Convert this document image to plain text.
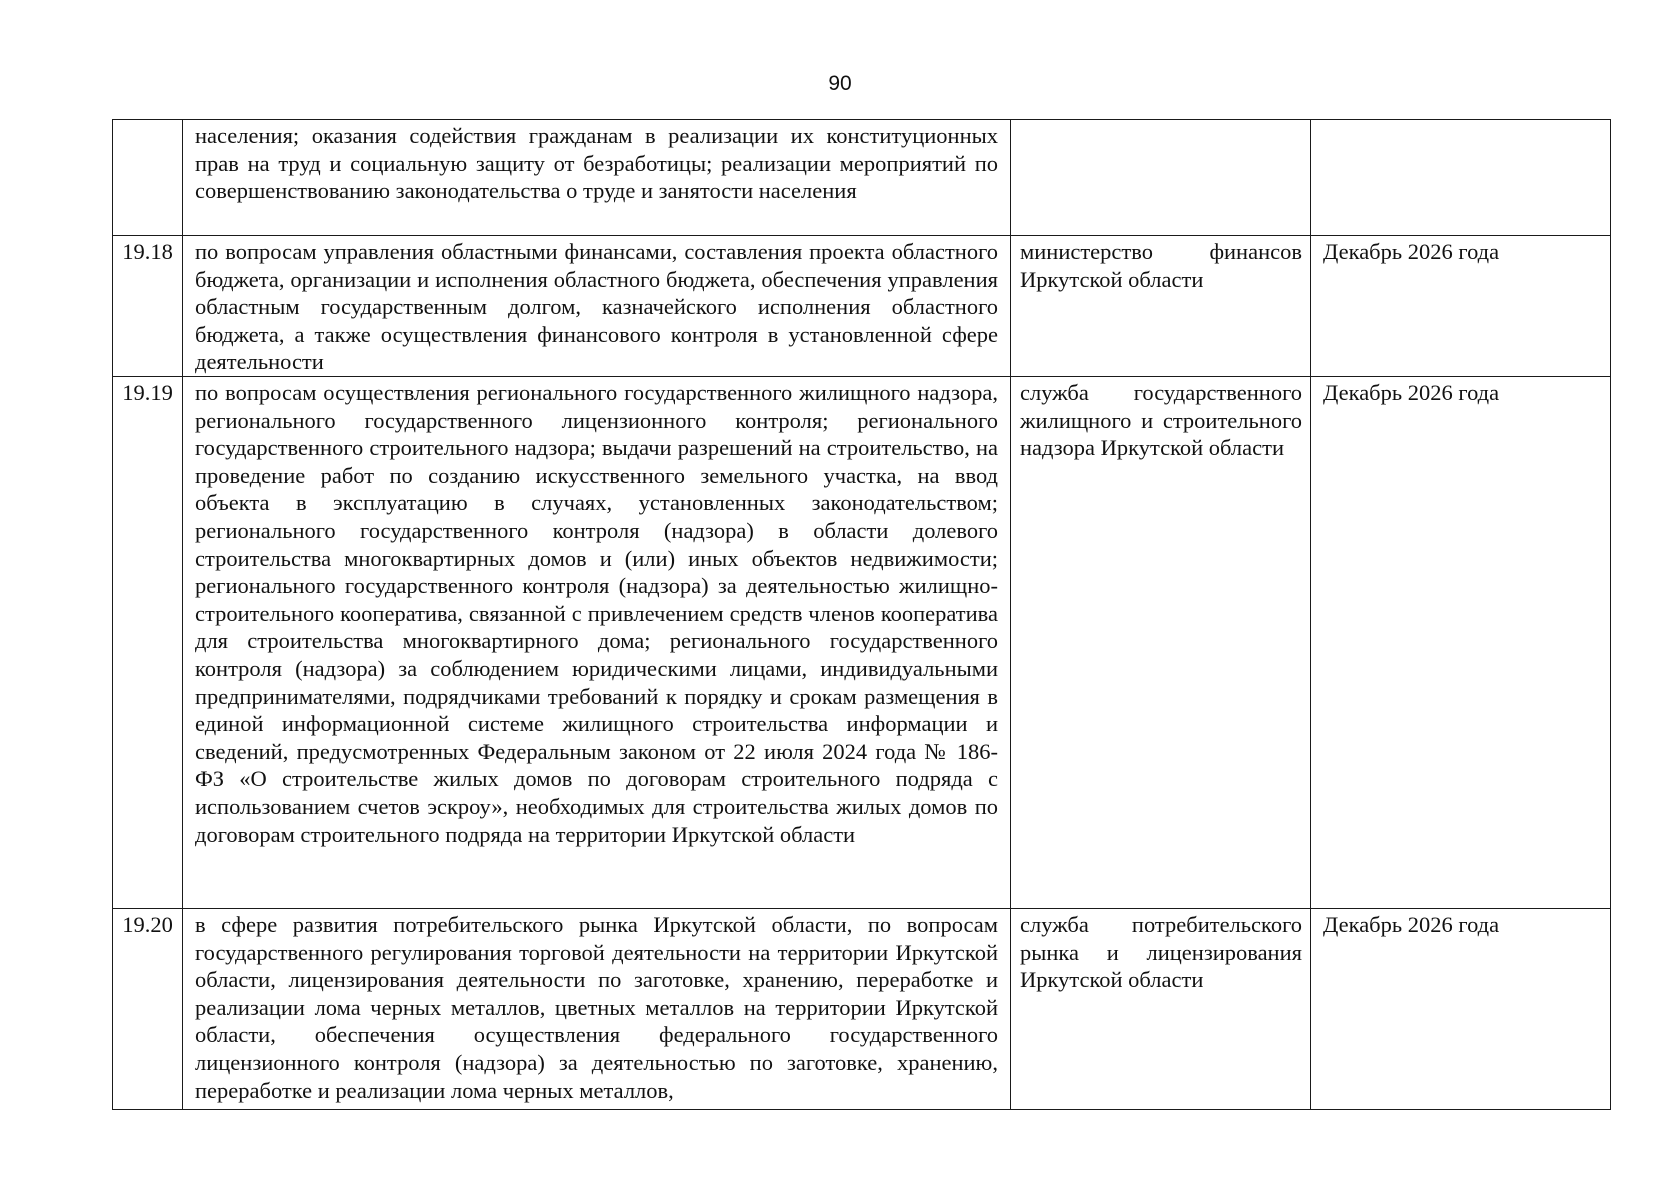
90
	населения; оказания содействия гражданам в реализации их конституционных прав на труд и социальную защиту от безработицы; реализации мероприятий по совершенствованию законодательства о труде и занятости населения		
19.18	по вопросам управления областными финансами, составления проекта областного бюджета, организации и исполнения областного бюджета, обеспечения управления областным государственным долгом, казначейского исполнения областного бюджета, а также осуществления финансового контроля в установленной сфере деятельности	министерство финансов Иркутской области	Декабрь 2026 года
19.19	по вопросам осуществления регионального государственного жилищного надзора, регионального государственного лицензионного контроля; регионального государственного строительного надзора; выдачи разрешений на строительство, на проведение работ по созданию искусственного земельного участка, на ввод объекта в эксплуатацию в случаях, установленных законодательством; регионального государственного контроля (надзора) в области долевого строительства многоквартирных домов и (или) иных объектов недвижимости; регионального государственного контроля (надзора) за деятельностью жилищно-строительного кооператива, связанной с привлечением средств членов кооператива для строительства многоквартирного дома; регионального государственного контроля (надзора) за соблюдением юридическими лицами, индивидуальными предпринимателями, подрядчиками требований к порядку и срокам размещения в единой информационной системе жилищного строительства информации и сведений, предусмотренных Федеральным законом от 22 июля 2024 года № 186-ФЗ «О строительстве жилых домов по договорам строительного подряда с использованием счетов эскроу», необходимых для строительства жилых домов по договорам строительного подряда на территории Иркутской области	служба государственного жилищного и строительного надзора Иркутской области	Декабрь 2026 года
19.20	в сфере развития потребительского рынка Иркутской области, по вопросам государственного регулирования торговой деятельности на территории Иркутской области, лицензирования деятельности по заготовке, хранению, переработке и реализации лома черных металлов, цветных металлов на территории Иркутской области, обеспечения осуществления федерального государственного лицензионного контроля (надзора) за деятельностью по заготовке, хранению, переработке и реализации лома черных металлов,	служба потребительского рынка и лицензирования Иркутской области	Декабрь 2026 года
